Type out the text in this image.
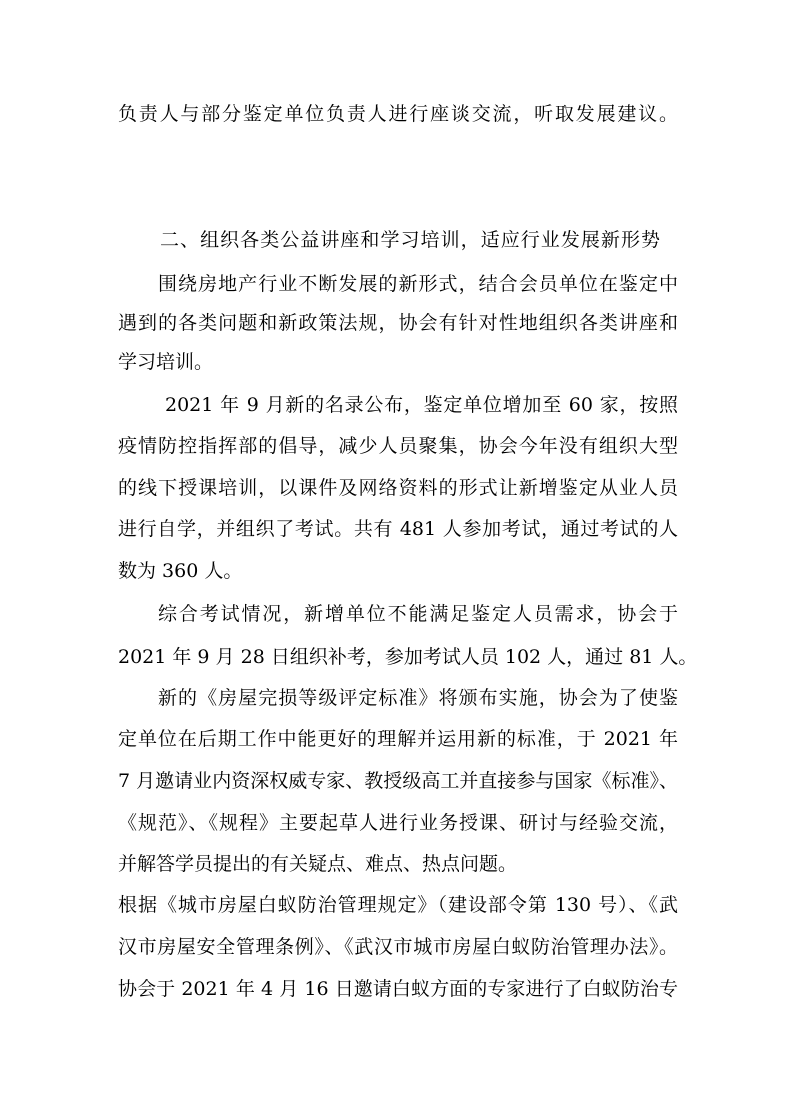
负责人与部分鉴定单位负责人进行座谈交流，听取发展建议。
二、组织各类公益讲座和学习培训，适应行业发展新形势
围绕房地产行业不断发展的新形式，结合会员单位在鉴定中
遇到的各类问题和新政策法规，协会有针对性地组织各类讲座和
学习培训。
2021 年 9 月新的名录公布，鉴定单位增加至 60 家，按照
疫情防控指挥部的倡导，减少人员聚集，协会今年没有组织大型
的线下授课培训，以课件及网络资料的形式让新增鉴定从业人员
进行自学，并组织了考试。共有 481 人参加考试，通过考试的人
数为 360 人。
综合考试情况，新增单位不能满足鉴定人员需求，协会于
2021 年 9 月 28 日组织补考，参加考试人员 102 人，通过 81 人。
新的《房屋完损等级评定标准》将颁布实施，协会为了使鉴
定单位在后期工作中能更好的理解并运用新的标准，于 2021 年
7 月邀请业内资深权威专家、教授级高工并直接参与国家《标准》、
《规范》、《规程》主要起草人进行业务授课、研讨与经验交流，
并解答学员提出的有关疑点、难点、热点问题。
根据《城市房屋白蚁防治管理规定》（建设部令第 130 号）、《武
汉市房屋安全管理条例》、《武汉市城市房屋白蚁防治管理办法》。
协会于 2021 年 4 月 16 日邀请白蚁方面的专家进行了白蚁防治专
